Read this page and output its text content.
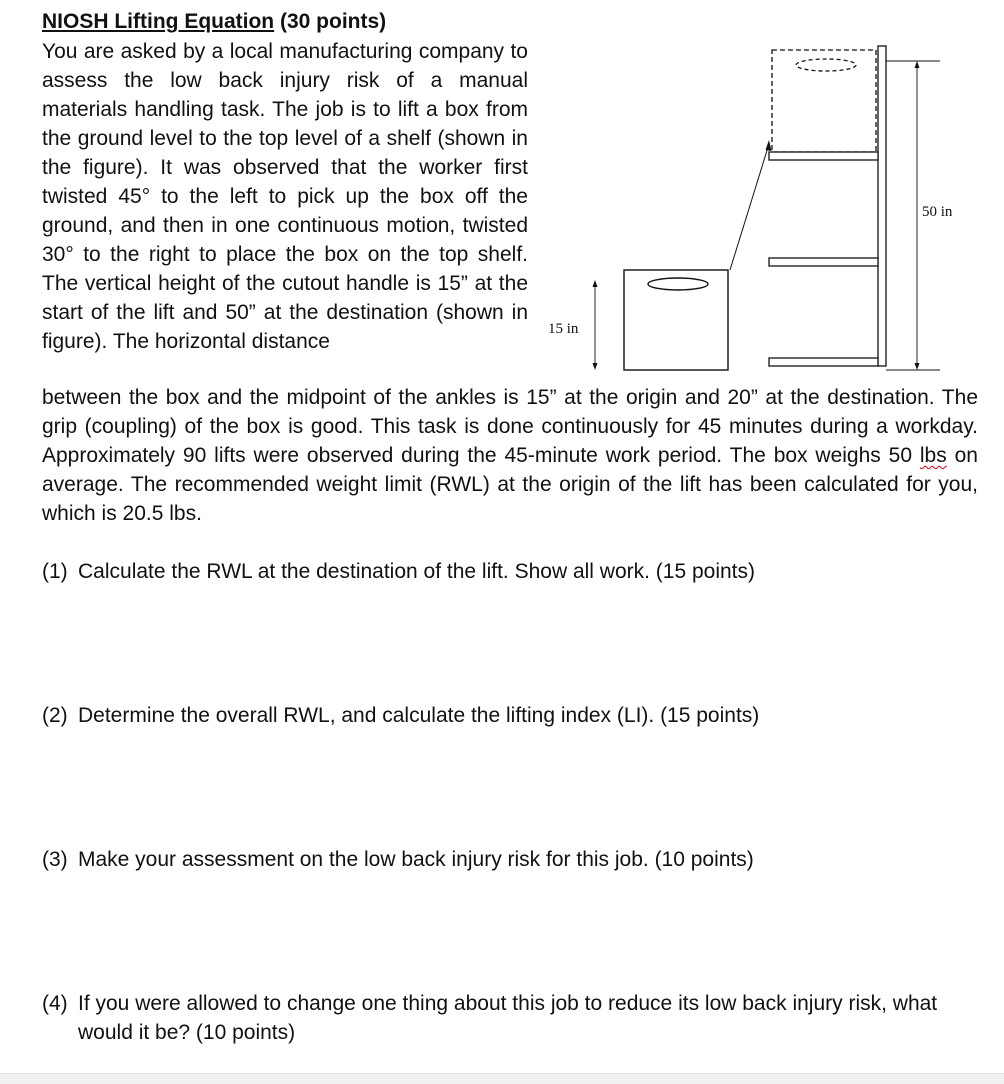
NIOSH Lifting Equation (30 points)

You are asked by a local manufacturing company to assess the low back injury risk of a manual materials handling task. The job is to lift a box from the ground level to the top level of a shelf (shown in the figure). It was observed that the worker first twisted 45° to the left to pick up the box off the ground, and then in one continuous motion, twisted 30° to the right to place the box on the top shelf. The vertical height of the cutout handle is 15” at the start of the lift and 50” at the destination (shown in figure). The horizontal distance

50 in
15 in

between the box and the midpoint of the ankles is 15” at the origin and 20” at the destination. The grip (coupling) of the box is good. This task is done continuously for 45 minutes during a workday. Approximately 90 lifts were observed during the 45-minute work period. The box weighs 50 lbs on average. The recommended weight limit (RWL) at the origin of the lift has been calculated for you, which is 20.5 lbs.

(1) Calculate the RWL at the destination of the lift. Show all work. (15 points)
(2) Determine the overall RWL, and calculate the lifting index (LI). (15 points)
(3) Make your assessment on the low back injury risk for this job. (10 points)
(4) If you were allowed to change one thing about this job to reduce its low back injury risk, what would it be? (10 points)
